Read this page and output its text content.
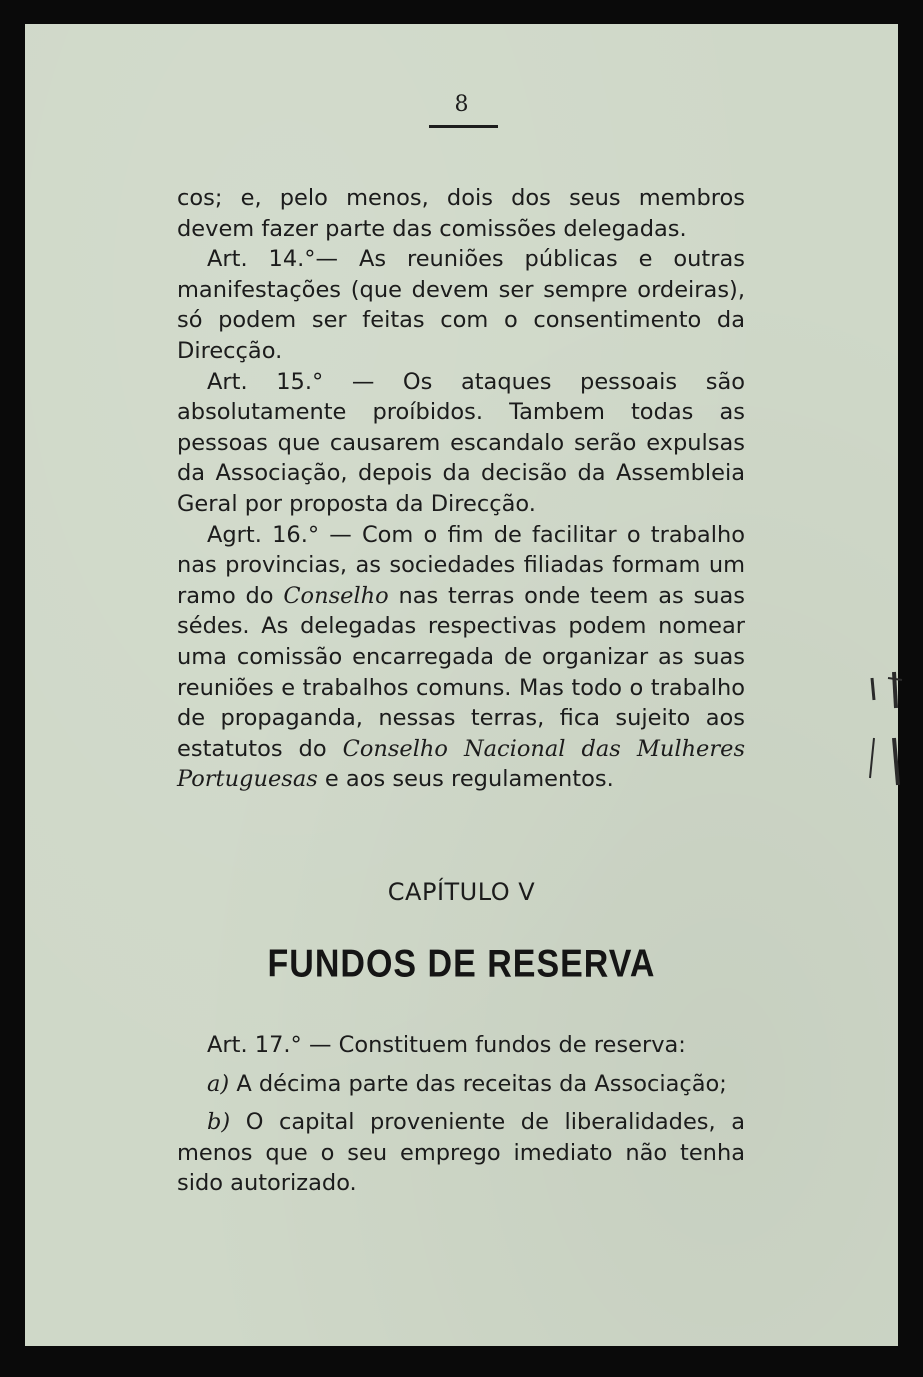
8

cos; e, pelo menos, dois dos seus membros devem fazer parte das comissões delegadas.

Art. 14.°— As reuniões públicas e outras manifestações (que devem ser sempre ordeiras), só podem ser feitas com o consentimento da Direcção.

Art. 15.° — Os ataques pessoais são absolutamente proíbidos. Tambem todas as pessoas que causarem escandalo serão expulsas da Associação, depois da decisão da Assembleia Geral por proposta da Direcção.

Agrt. 16.° — Com o fim de facilitar o trabalho nas provincias, as sociedades filiadas formam um ramo do Conselho nas terras onde teem as suas sédes. As delegadas respectivas podem nomear uma comissão encarregada de organizar as suas reuniões e trabalhos comuns. Mas todo o trabalho de propaganda, nessas terras, fica sujeito aos estatutos do Conselho Nacional das Mulheres Portuguesas e aos seus regulamentos.

CAPÍTULO V
FUNDOS DE RESERVA

Art. 17.° — Constituem fundos de reserva:

a) A décima parte das receitas da Associação;

b) O capital proveniente de liberalidades, a menos que o seu emprego imediato não tenha sido autorizado.
